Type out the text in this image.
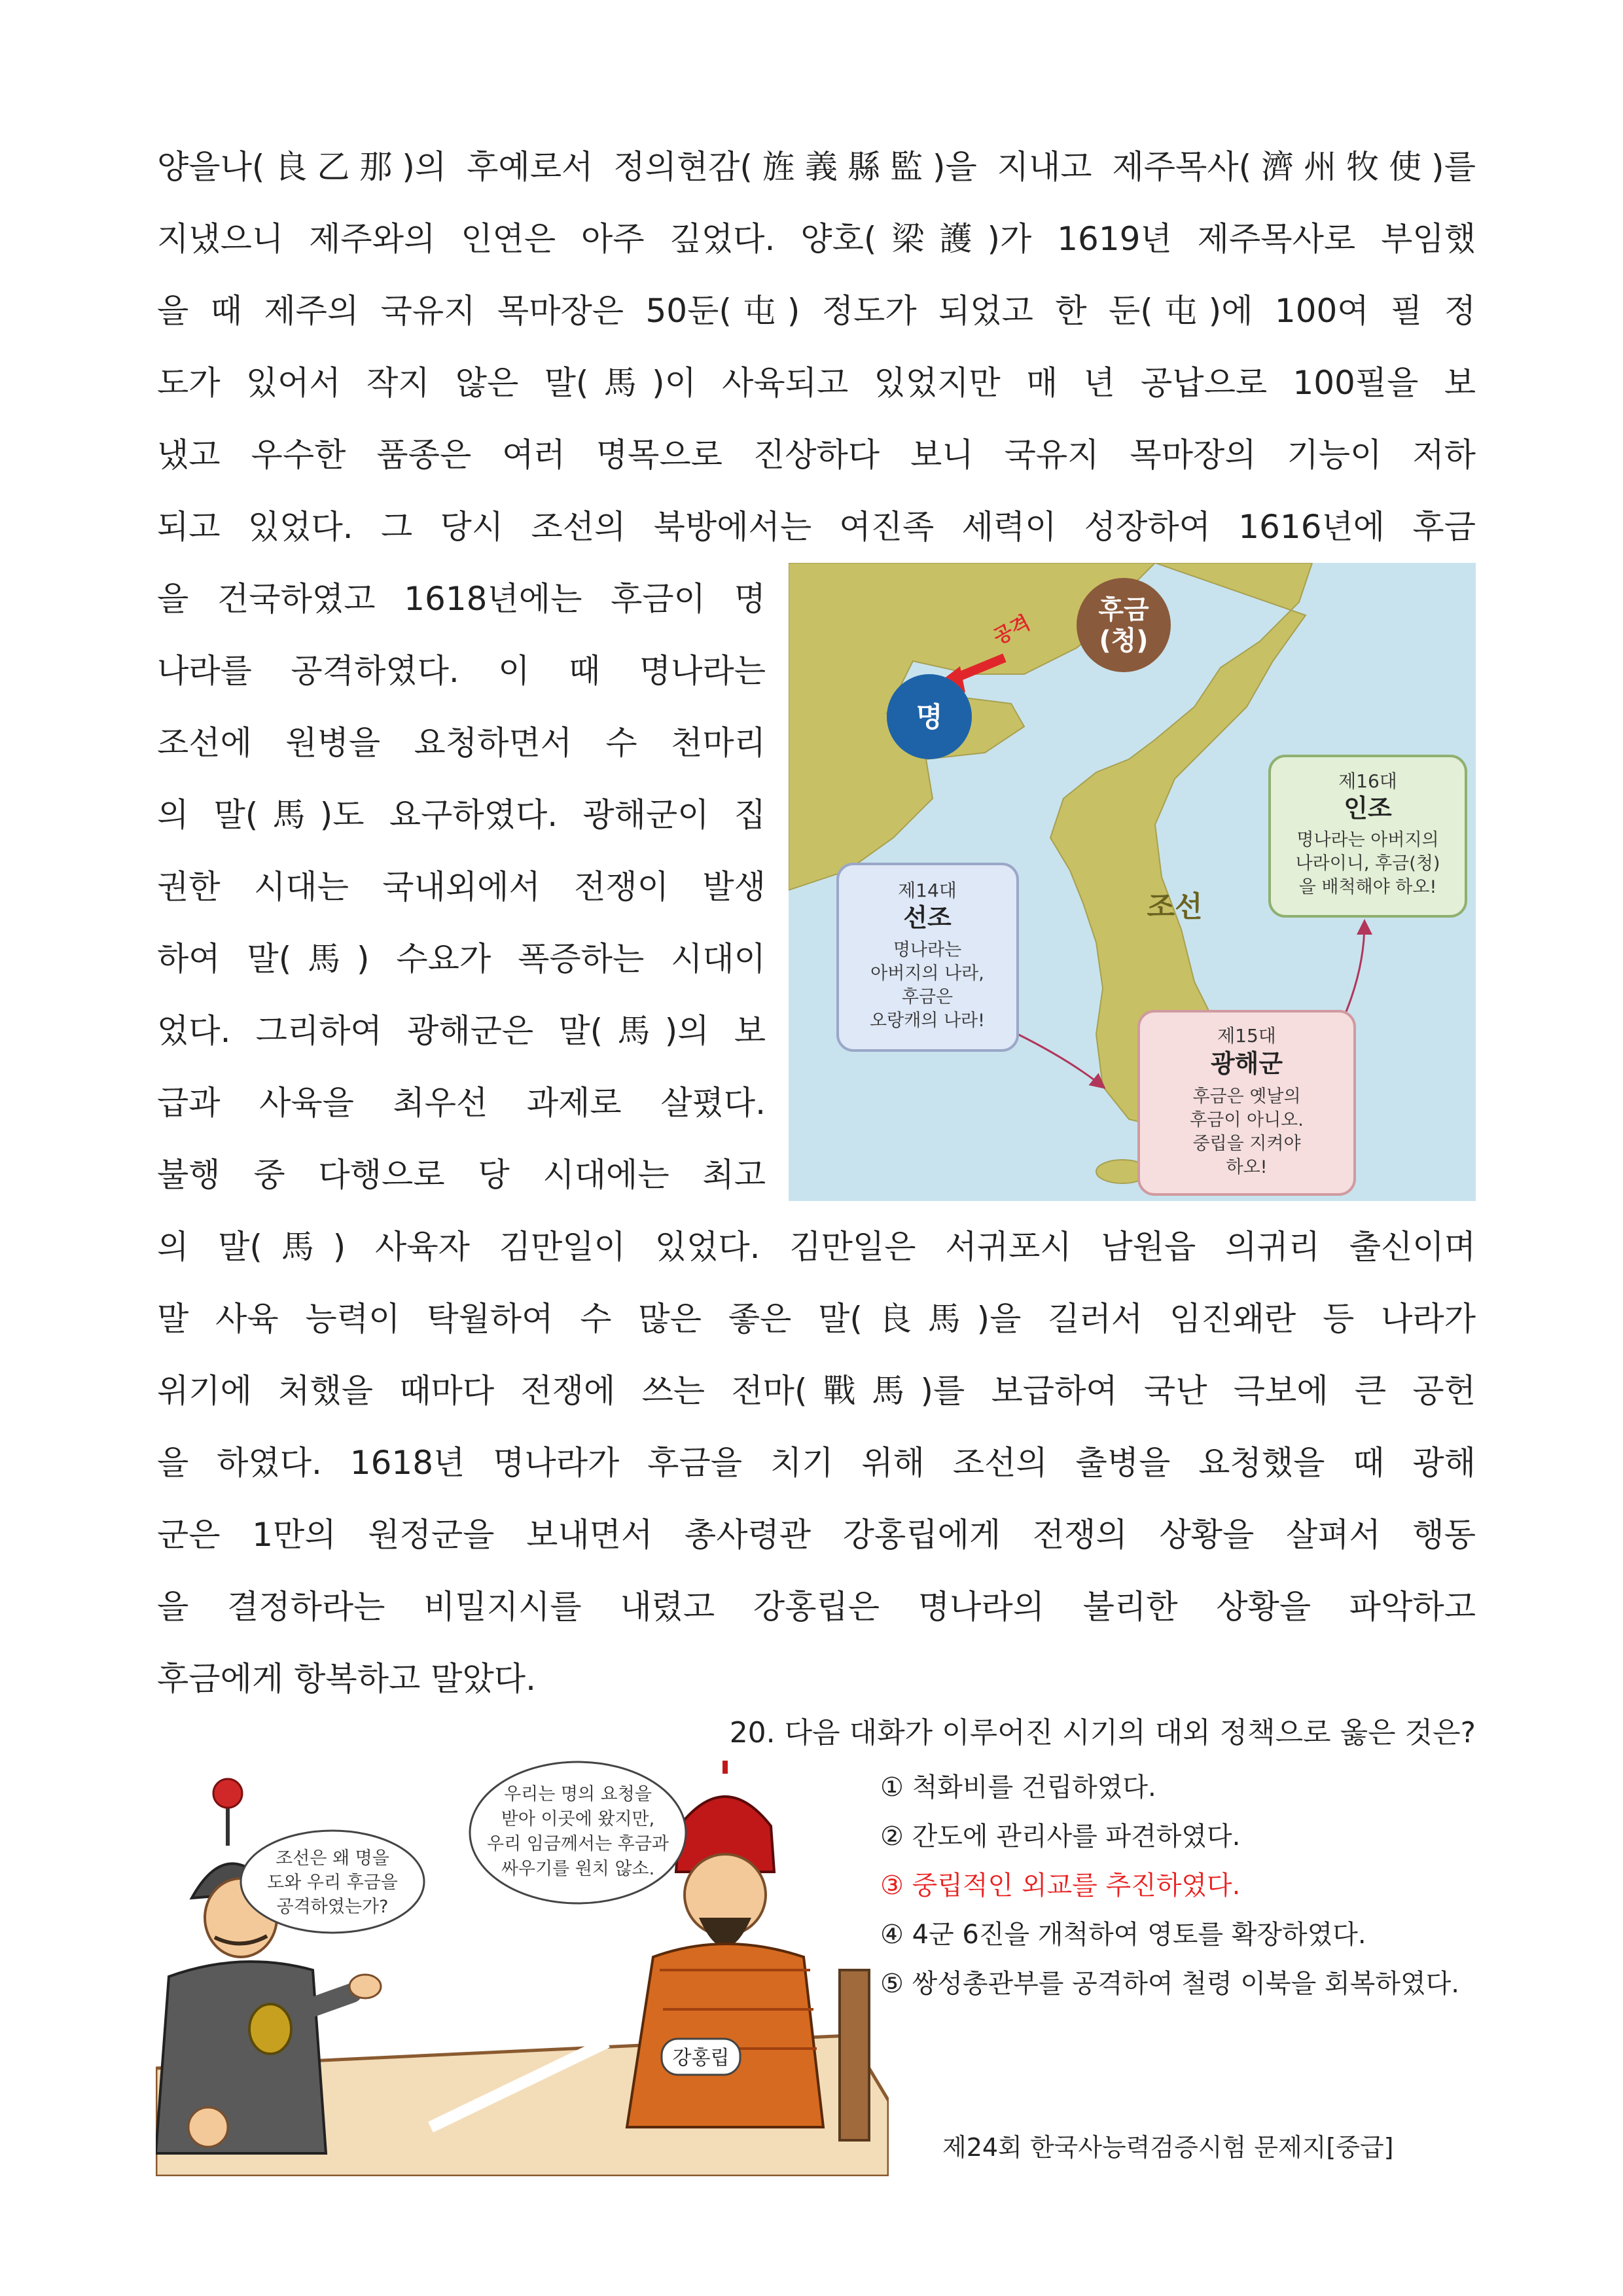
양을나(良乙那)의 후예로서 정의현감(旌義縣監)을 지내고 제주목사(濟州牧使)를
지냈으니 제주와의 인연은 아주 깊었다. 양호(梁護)가 1619년 제주목사로 부임했
을 때 제주의 국유지 목마장은 50둔(屯) 정도가 되었고 한 둔(屯)에 100여 필 정
도가 있어서 작지 않은 말(馬)이 사육되고 있었지만 매 년 공납으로 100필을 보
냈고 우수한 품종은 여러 명목으로 진상하다 보니 국유지 목마장의 기능이 저하
되고 있었다. 그 당시 조선의 북방에서는 여진족 세력이 성장하여 1616년에 후금
을 건국하였고 1618년에는 후금이 명
나라를 공격하였다. 이 때 명나라는
조선에 원병을 요청하면서 수 천마리
의 말(馬)도 요구하였다. 광해군이 집
권한 시대는 국내외에서 전쟁이 발생
하여 말(馬) 수요가 폭증하는 시대이
었다. 그리하여 광해군은 말(馬)의 보
급과 사육을 최우선 과제로 살폈다.
불행 중 다행으로 당 시대에는 최고
후금
(청)
공격
명
조선
제14대
선조
명나라는
아버지의 나라,
후금은
오랑캐의 나라!
제15대
광해군
후금은 옛날의
후금이 아니오.
중립을 지켜야
하오!
제16대
인조
명나라는 아버지의
나라이니, 후금(청)
을 배척해야 하오!
의 말(馬) 사육자 김만일이 있었다. 김만일은 서귀포시 남원읍 의귀리 출신이며
말 사육 능력이 탁월하여 수 많은 좋은 말(良馬)을 길러서 임진왜란 등 나라가
위기에 처했을 때마다 전쟁에 쓰는 전마(戰馬)를 보급하여 국난 극보에 큰 공헌
을 하였다. 1618년 명나라가 후금을 치기 위해 조선의 출병을 요청했을 때 광해
군은 1만의 원정군을 보내면서 총사령관 강홍립에게 전쟁의 상황을 살펴서 행동
을 결정하라는 비밀지시를 내렸고 강홍립은 명나라의 불리한 상황을 파악하고
후금에게 항복하고 말았다.
20. 다음 대화가 이루어진 시기의 대외 정책으로 옳은 것은?
조선은 왜 명을
도와 우리 후금을
공격하였는가?
우리는 명의 요청을
받아 이곳에 왔지만,
우리 임금께서는 후금과
싸우기를 원치 않소.
강홍립
① 척화비를 건립하였다.
② 간도에 관리사를 파견하였다.
③ 중립적인 외교를 추진하였다.
④ 4군 6진을 개척하여 영토를 확장하였다.
⑤ 쌍성총관부를 공격하여 철령 이북을 회복하였다.
제24회 한국사능력검증시험 문제지[중급]
